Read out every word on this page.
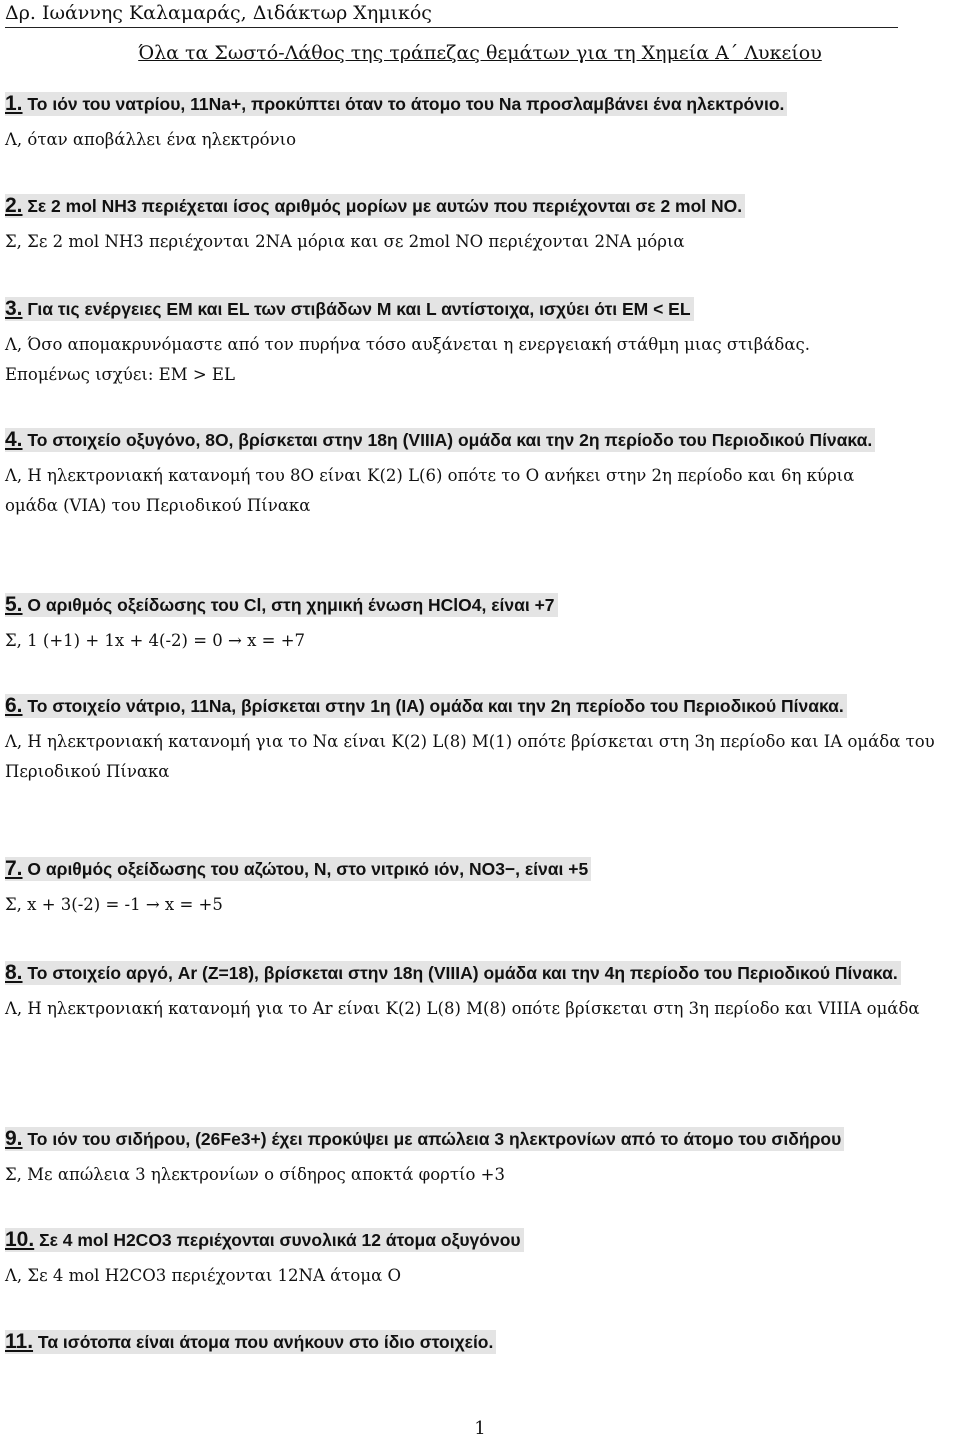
Δρ. Ιωάννης Καλαμαράς, Διδάκτωρ Χημικός
Όλα τα Σωστό-Λάθος της τράπεζας θεμάτων για τη Χημεία Α΄ Λυκείου
1. Το ιόν του νατρίου, 11Na+, προκύπτει όταν το άτομο του Na προσλαμβάνει ένα ηλεκτρόνιο.
Λ, όταν αποβάλλει ένα ηλεκτρόνιο
2. Σε 2 mol NH3 περιέχεται ίσος αριθμός μορίων με αυτών που περιέχονται σε 2 mol NO.
Σ, Σε 2 mol NH3 περιέχονται 2NA μόρια και σε 2mol NO περιέχονται 2NA μόρια
3. Για τις ενέργειες EM και EL των στιβάδων M και L αντίστοιχα, ισχύει ότι EM < EL
Λ, Όσο απομακρυνόμαστε από τον πυρήνα τόσο αυξάνεται η ενεργειακή στάθμη μιας στιβάδας. Επομένως ισχύει: EM > EL
4. Το στοιχείο οξυγόνο, 8O, βρίσκεται στην 18η (VIIIA) ομάδα και την 2η περίοδο του Περιοδικού Πίνακα.
Λ, Η ηλεκτρονιακή κατανομή του 8O είναι K(2) L(6) οπότε το O ανήκει στην 2η περίοδο και 6η κύρια ομάδα (VIA) του Περιοδικού Πίνακα
5. Ο αριθμός οξείδωσης του Cl, στη χημική ένωση HClO4, είναι +7
Σ, 1 (+1) + 1x + 4(-2) = 0 → x = +7
6. Το στοιχείο νάτριο, 11Na, βρίσκεται στην 1η (IA) ομάδα και την 2η περίοδο του Περιοδικού Πίνακα.
Λ, Η ηλεκτρονιακή κατανομή για το Να είναι K(2) L(8) M(1) οπότε βρίσκεται στη 3η περίοδο και IA ομάδα του Περιοδικού Πίνακα
7. Ο αριθμός οξείδωσης του αζώτου, N, στο νιτρικό ιόν, NO3−, είναι +5
Σ, x + 3(-2) = -1 → x = +5
8. Το στοιχείο αργό, Ar (Z=18), βρίσκεται στην 18η (VIIIA) ομάδα και την 4η περίοδο του Περιοδικού Πίνακα.
Λ, Η ηλεκτρονιακή κατανομή για το Ar είναι K(2) L(8) M(8) οπότε βρίσκεται στη 3η περίοδο και VIIIA ομάδα
9. Το ιόν του σιδήρου, (26Fe3+) έχει προκύψει με απώλεια 3 ηλεκτρονίων από το άτομο του σιδήρου
Σ, Με απώλεια 3 ηλεκτρονίων ο σίδηρος αποκτά φορτίο +3
10. Σε 4 mol H2CO3 περιέχονται συνολικά 12 άτομα οξυγόνου
Λ, Σε 4 mol H2CO3 περιέχονται 12NA άτομα O
11. Τα ισότοπα είναι άτομα που ανήκουν στο ίδιο στοιχείο.
1
